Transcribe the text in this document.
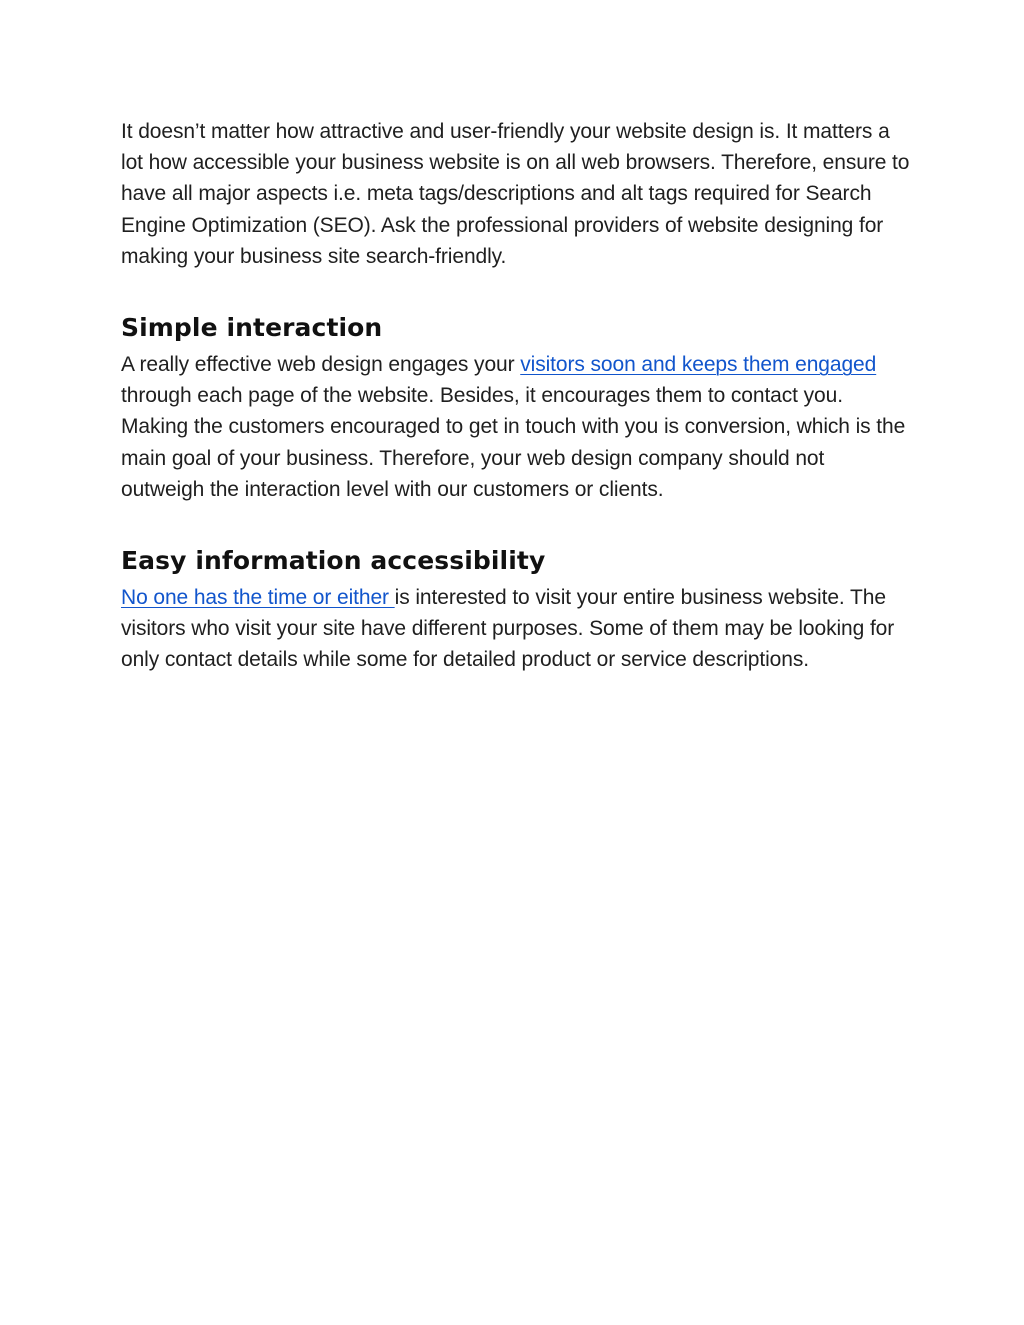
It doesn’t matter how attractive and user-friendly your website design is. It matters a lot how accessible your business website is on all web browsers. Therefore, ensure to have all major aspects i.e. meta tags/descriptions and alt tags required for Search Engine Optimization (SEO). Ask the professional providers of website designing for making your business site search-friendly.

Simple interaction

A really effective web design engages your visitors soon and keeps them engaged through each page of the website. Besides, it encourages them to contact you. Making the customers encouraged to get in touch with you is conversion, which is the main goal of your business. Therefore, your web design company should not outweigh the interaction level with our customers or clients.

Easy information accessibility

No one has the time or either is interested to visit your entire business website. The visitors who visit your site have different purposes. Some of them may be looking for only contact details while some for detailed product or service descriptions.
